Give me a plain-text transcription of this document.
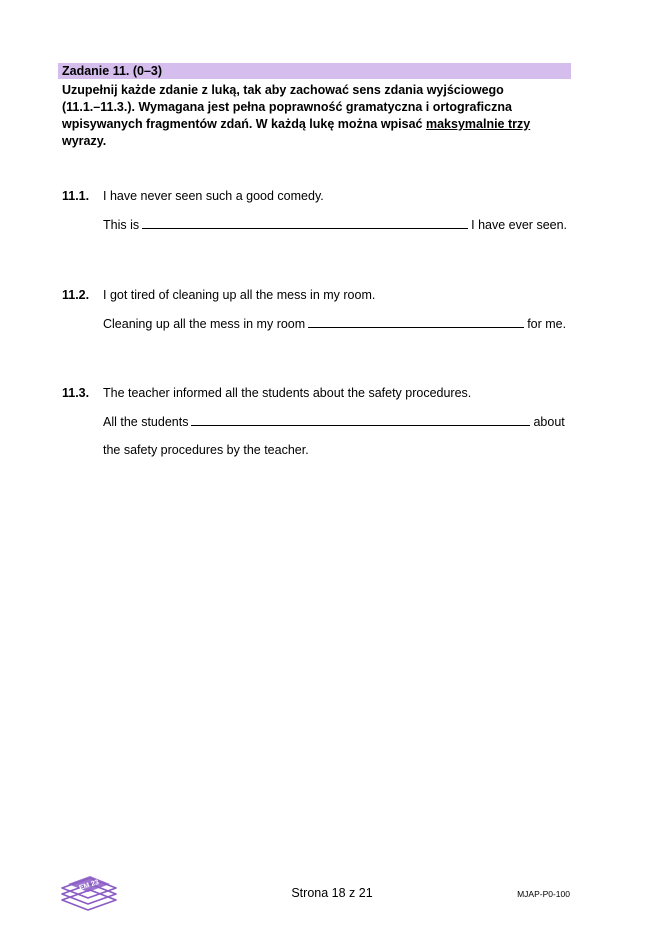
Zadanie 11. (0–3)
Uzupełnij każde zdanie z luką, tak aby zachować sens zdania wyjściowego
(11.1.–11.3.). Wymagana jest pełna poprawność gramatyczna i ortograficzna
wpisywanych fragmentów zdań. W każdą lukę można wpisać maksymalnie trzy
wyrazy.
11.1. I have never seen such a good comedy.
This is	I have ever seen.
11.2. I got tired of cleaning up all the mess in my room.
Cleaning up all the mess in my room	for me.
11.3. The teacher informed all the students about the safety procedures.
All the students	about
the safety procedures by the teacher.
EM 23
Strona 18 z 21	MJAP-P0-100
